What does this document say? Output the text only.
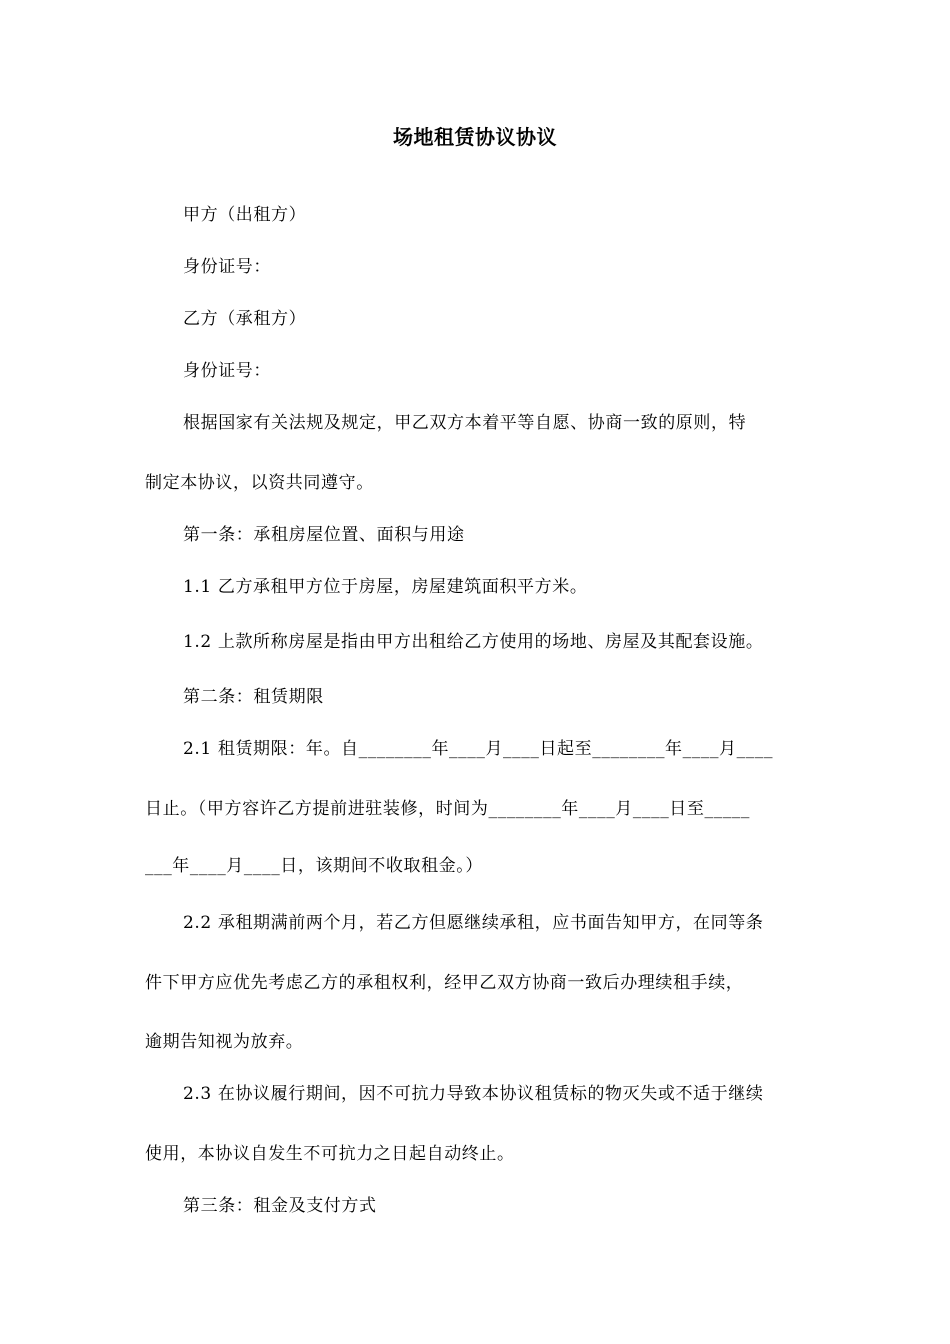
场地租赁协议协议
甲方（出租方）
身份证号：
乙方（承租方）
身份证号：
根据国家有关法规及规定，甲乙双方本着平等自愿、协商一致的原则，特
制定本协议，以资共同遵守。
第一条：承租房屋位置、面积与用途
1.1 乙方承租甲方位于房屋，房屋建筑面积平方米。
1.2 上款所称房屋是指由甲方出租给乙方使用的场地、房屋及其配套设施。
第二条：租赁期限
2.1 租赁期限：年。自________年____月____日起至________年____月____
日止。（甲方容许乙方提前进驻装修，时间为________年____月____日至_____
___年____月____日，该期间不收取租金。）
2.2 承租期满前两个月，若乙方但愿继续承租，应书面告知甲方，在同等条
件下甲方应优先考虑乙方的承租权利，经甲乙双方协商一致后办理续租手续，
逾期告知视为放弃。
2.3 在协议履行期间，因不可抗力导致本协议租赁标的物灭失或不适于继续
使用，本协议自发生不可抗力之日起自动终止。
第三条：租金及支付方式
